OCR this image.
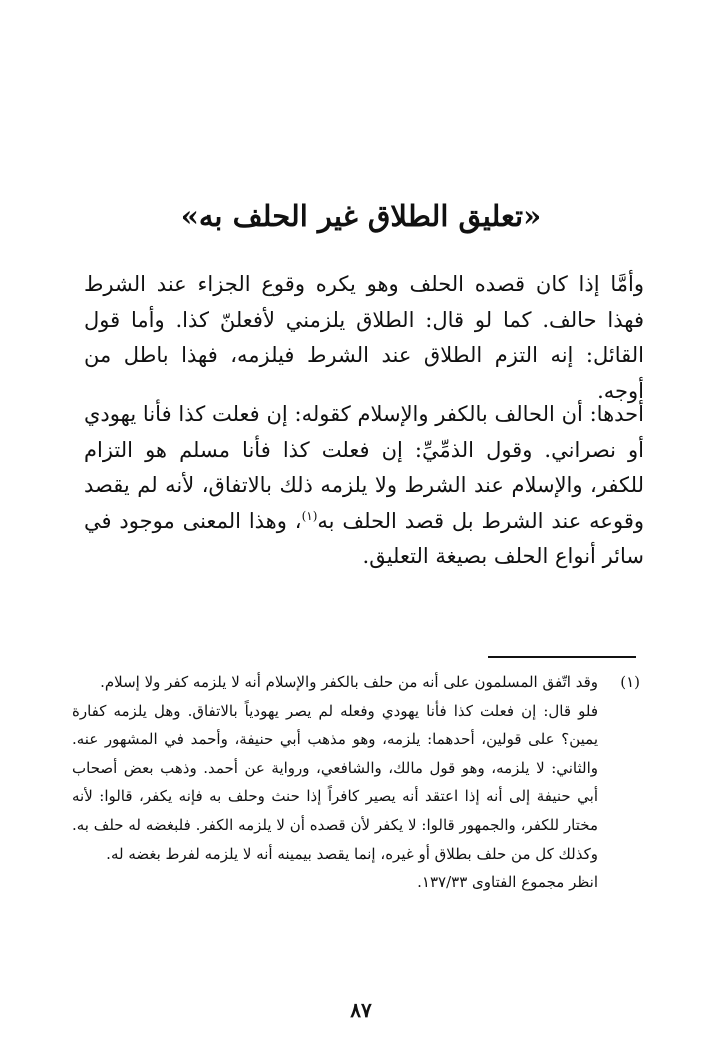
«تعليق الطلاق غير الحلف به»

وأمَّا إذا كان قصده الحلف وهو يكره وقوع الجزاء عند الشرط فهذا حالف. كما لو قال: الطلاق يلزمني لأفعلنّ كذا. وأما قول القائل: إنه التزم الطلاق عند الشرط فيلزمه، فهذا باطل من أوجه.

أحدها: أن الحالف بالكفر والإسلام كقوله: إن فعلت كذا فأنا يهودي أو نصراني. وقول الذمِّيِّ: إن فعلت كذا فأنا مسلم هو التزام للكفر، والإسلام عند الشرط ولا يلزمه ذلك بالاتفاق، لأنه لم يقصد وقوعه عند الشرط بل قصد الحلف به$^{(١)}$، وهذا المعنى موجود في سائر أنواع الحلف بصيغة التعليق.

(١)

وقد اتّفق المسلمون على أنه من حلف بالكفر والإسلام أنه لا يلزمه كفر ولا إسلام.

فلو قال: إن فعلت كذا فأنا يهودي وفعله لم يصر يهودياً بالاتفاق. وهل يلزمه كفارة يمين؟ على قولين، أحدهما: يلزمه، وهو مذهب أبي حنيفة، وأحمد في المشهور عنه. والثاني: لا يلزمه، وهو قول مالك، والشافعي، ورواية عن أحمد. وذهب بعض أصحاب أبي حنيفة إلى أنه إذا اعتقد أنه يصير كافراً إذا حنث وحلف به فإنه يكفر، قالوا: لأنه مختار للكفر، والجمهور قالوا: لا يكفر لأن قصده أن لا يلزمه الكفر. فلبغضه له حلف به. وكذلك كل من حلف بطلاق أو غيره، إنما يقصد بيمينه أنه لا يلزمه لفرط بغضه له.

انظر مجموع الفتاوى ١٣٧/٣٣.

٨٧
